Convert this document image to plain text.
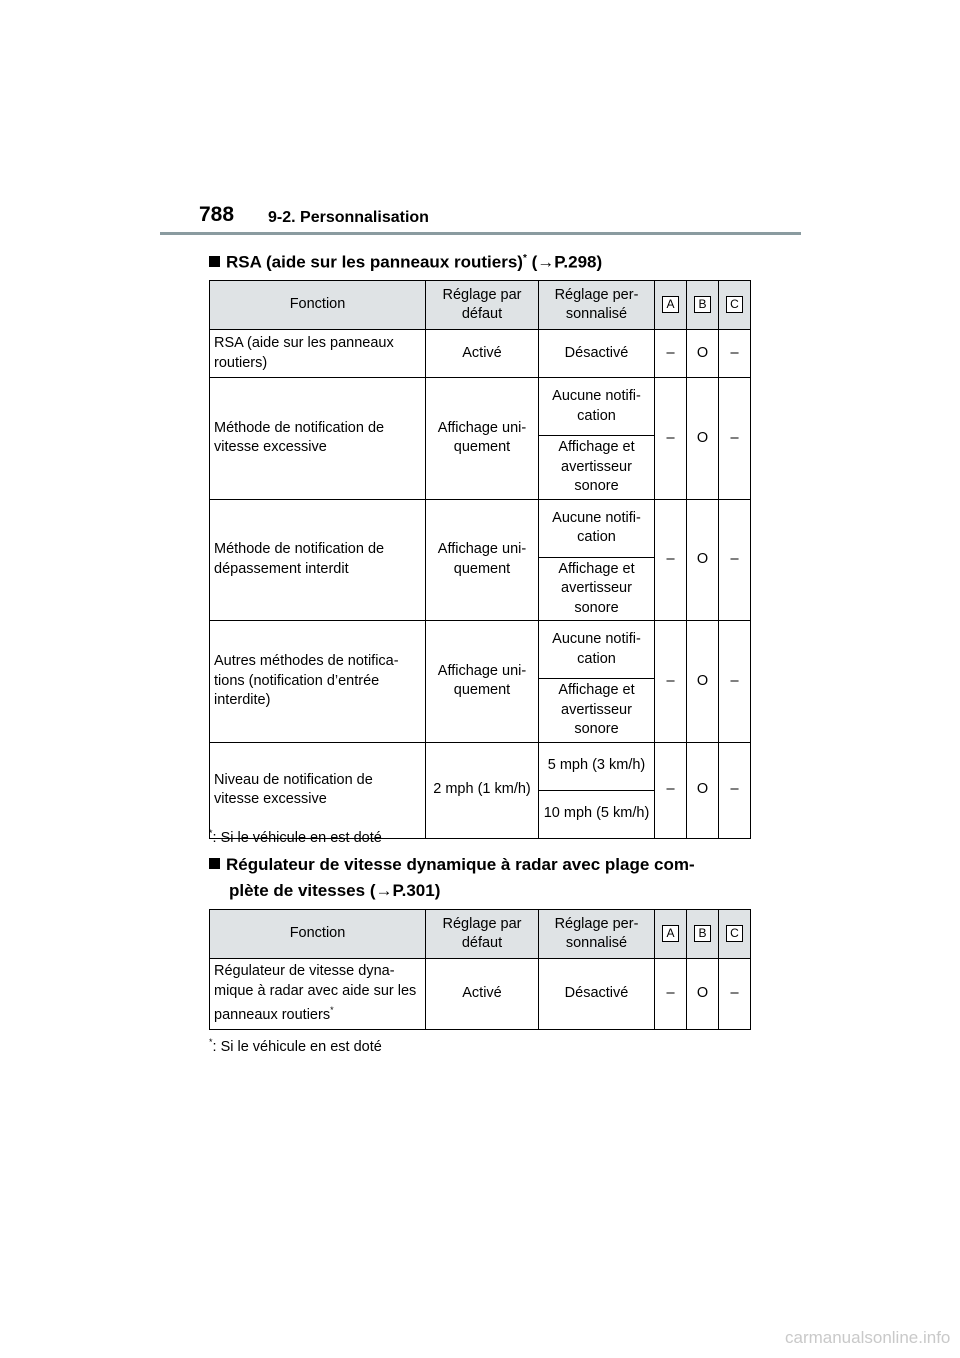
788 9-2. Personnalisation
RSA (aide sur les panneaux routiers)* (→P.298)
Fonction	Réglage par défaut	Réglage per-sonnalisé	A	B	C
RSA (aide sur les panneaux routiers)	Activé	Désactivé	–	O	–
Méthode de notification de vitesse excessive	Affichage uni-quement	Aucune notifi-cation	–	O	–
		Affichage et avertisseur sonore			
Méthode de notification de dépassement interdit	Affichage uni-quement	Aucune notifi-cation	–	O	–
		Affichage et avertisseur sonore			
Autres méthodes de notifica-tions (notification d’entrée interdite)	Affichage uni-quement	Aucune notifi-cation	–	O	–
		Affichage et avertisseur sonore			
Niveau de notification de vitesse excessive	2 mph (1 km/h)	5 mph (3 km/h)	–	O	–
		10 mph (5 km/h)			
*: Si le véhicule en est doté
Régulateur de vitesse dynamique à radar avec plage com-
plète de vitesses (→P.301)
Fonction	Réglage par défaut	Réglage per-sonnalisé	A	B	C
Régulateur de vitesse dyna-mique à radar avec aide sur les panneaux routiers*	Activé	Désactivé	–	O	–
*: Si le véhicule en est doté
carmanualsonline.info
